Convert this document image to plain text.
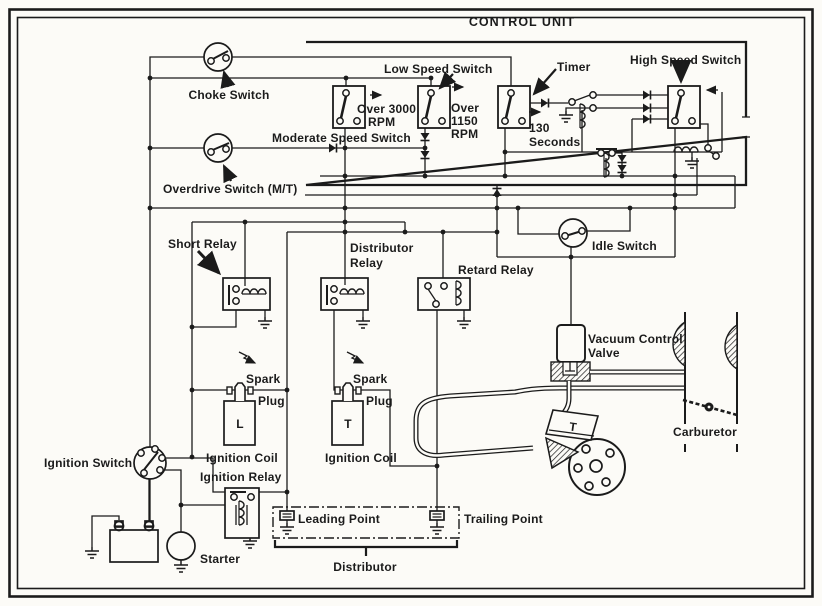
CONTROL UNIT
Choke Switch
Overdrive Switch (M/T)
Moderate Speed Switch
Low Speed Switch	Timer	High Speed Switch
Over 3000
RPM
Over
1150
RPM	130
Seconds
Idle Switch
Short Relay	Distributor
Relay	Retard Relay
Vacuum Control
Valve
Carburetor
Spark
Plug
Spark
Plug
L	T	T
Ignition Coil	Ignition Coil
Ignition Relay
Ignition Switch
Starter
Leading Point	Trailing Point
Distributor
